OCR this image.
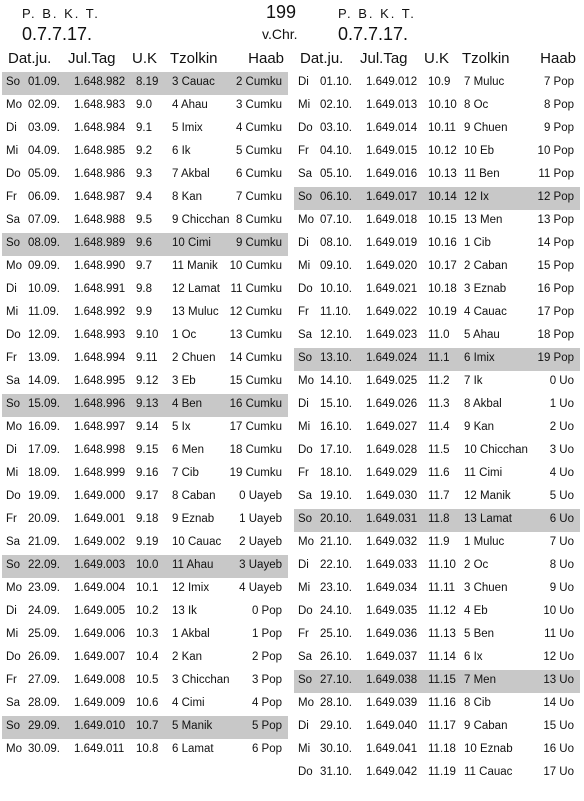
P. B. K. T.
0.7.7.17.
199
v.Chr.
P. B. K. T.
0.7.7.17.
Dat.ju. Jul.Tag U.K Tzolkin Haab
So 01.09. 1.648.982 8.19 3 Cauac 2 Cumku
Mo 02.09. 1.648.983 9.0 4 Ahau 3 Cumku
Di 03.09. 1.648.984 9.1 5 Imix	4 Cumku
Mi 04.09. 1.648.985 9.2 6 Ik	5 Cumku
Do 05.09. 1.648.986 9.3 7 Akbal 6 Cumku
Fr 06.09. 1.648.987 9.4 8 Kan	7 Cumku
Sa 07.09. 1.648.988 9.5 9 Chicchan 8 Cumku
So 08.09. 1.648.989 9.6 10 Cimi 9 Cumku
Mo 09.09. 1.648.990 9.7 11 Manik 10 Cumku
Di 10.09. 1.648.991 9.8 12 Lamat 11 Cumku
Mi 11.09. 1.648.992 9.9 13 Muluc 12 Cumku
Do 12.09. 1.648.993 9.10 1 Oc	13 Cumku
Fr 13.09. 1.648.994 9.11 2 Chuen 14 Cumku
Sa 14.09. 1.648.995 9.12 3 Eb	15 Cumku
So 15.09. 1.648.996 9.13 4 Ben 16 Cumku
Mo 16.09. 1.648.997 9.14 5 Ix	17 Cumku
Di 17.09. 1.648.998 9.15 6 Men 18 Cumku
Mi 18.09. 1.648.999 9.16 7 Cib	19 Cumku
Do 19.09. 1.649.000 9.17 8 Caban 0 Uayeb
Fr 20.09. 1.649.001 9.18 9 Eznab 1 Uayeb
Sa 21.09. 1.649.002 9.19 10 Cauac 2 Uayeb
So 22.09. 1.649.003 10.0 11 Ahau 3 Uayeb
Mo 23.09. 1.649.004 10.1 12 Imix	4 Uayeb
Di 24.09. 1.649.005 10.2 13 Ik	0 Pop
Mi 25.09. 1.649.006 10.3 1 Akbal	1 Pop
Do 26.09. 1.649.007 10.4 2 Kan	2 Pop
Fr 27.09. 1.649.008 10.5 3 Chicchan 3 Pop
Sa 28.09. 1.649.009 10.6 4 Cimi	4 Pop
So 29.09. 1.649.010 10.7 5 Manik	5 Pop
Mo 30.09. 1.649.011 10.8 6 Lamat	6 Pop
Dat.ju. Jul.Tag U.K Tzolkin Haab
Di 01.10. 1.649.012 10.9 7 Muluc	7 Pop
Mi 02.10. 1.649.013 10.10 8 Oc	8 Pop
Do 03.10. 1.649.014 10.11 9 Chuen	9 Pop
Fr 04.10. 1.649.015 10.12 10 Eb	10 Pop
Sa 05.10. 1.649.016 10.13 11 Ben	11 Pop
So 06.10. 1.649.017 10.14 12 Ix	12 Pop
Mo 07.10. 1.649.018 10.15 13 Men	13 Pop
Di 08.10. 1.649.019 10.16 1 Cib	14 Pop
Mi 09.10. 1.649.020 10.17 2 Caban	15 Pop
Do 10.10. 1.649.021 10.18 3 Eznab	16 Pop
Fr 11.10. 1.649.022 10.19 4 Cauac	17 Pop
Sa 12.10. 1.649.023 11.0 5 Ahau	18 Pop
So 13.10. 1.649.024 11.1 6 Imix	19 Pop
Mo 14.10. 1.649.025 11.2 7 Ik	0 Uo
Di 15.10. 1.649.026 11.3 8 Akbal	1 Uo
Mi 16.10. 1.649.027 11.4 9 Kan	2 Uo
Do 17.10. 1.649.028 11.5 10 Chicchan 3 Uo
Fr 18.10. 1.649.029 11.6 11 Cimi	4 Uo
Sa 19.10. 1.649.030 11.7 12 Manik	5 Uo
So 20.10. 1.649.031 11.8 13 Lamat	6 Uo
Mo 21.10. 1.649.032 11.9 1 Muluc	7 Uo
Di 22.10. 1.649.033 11.10 2 Oc	8 Uo
Mi 23.10. 1.649.034 11.11 3 Chuen	9 Uo
Do 24.10. 1.649.035 11.12 4 Eb	10 Uo
Fr 25.10. 1.649.036 11.13 5 Ben	11 Uo
Sa 26.10. 1.649.037 11.14 6 Ix	12 Uo
So 27.10. 1.649.038 11.15 7 Men	13 Uo
Mo 28.10. 1.649.039 11.16 8 Cib	14 Uo
Di 29.10. 1.649.040 11.17 9 Caban	15 Uo
Mi 30.10. 1.649.041 11.18 10 Eznab	16 Uo
Do 31.10. 1.649.042 11.19 11 Cauac	17 Uo
